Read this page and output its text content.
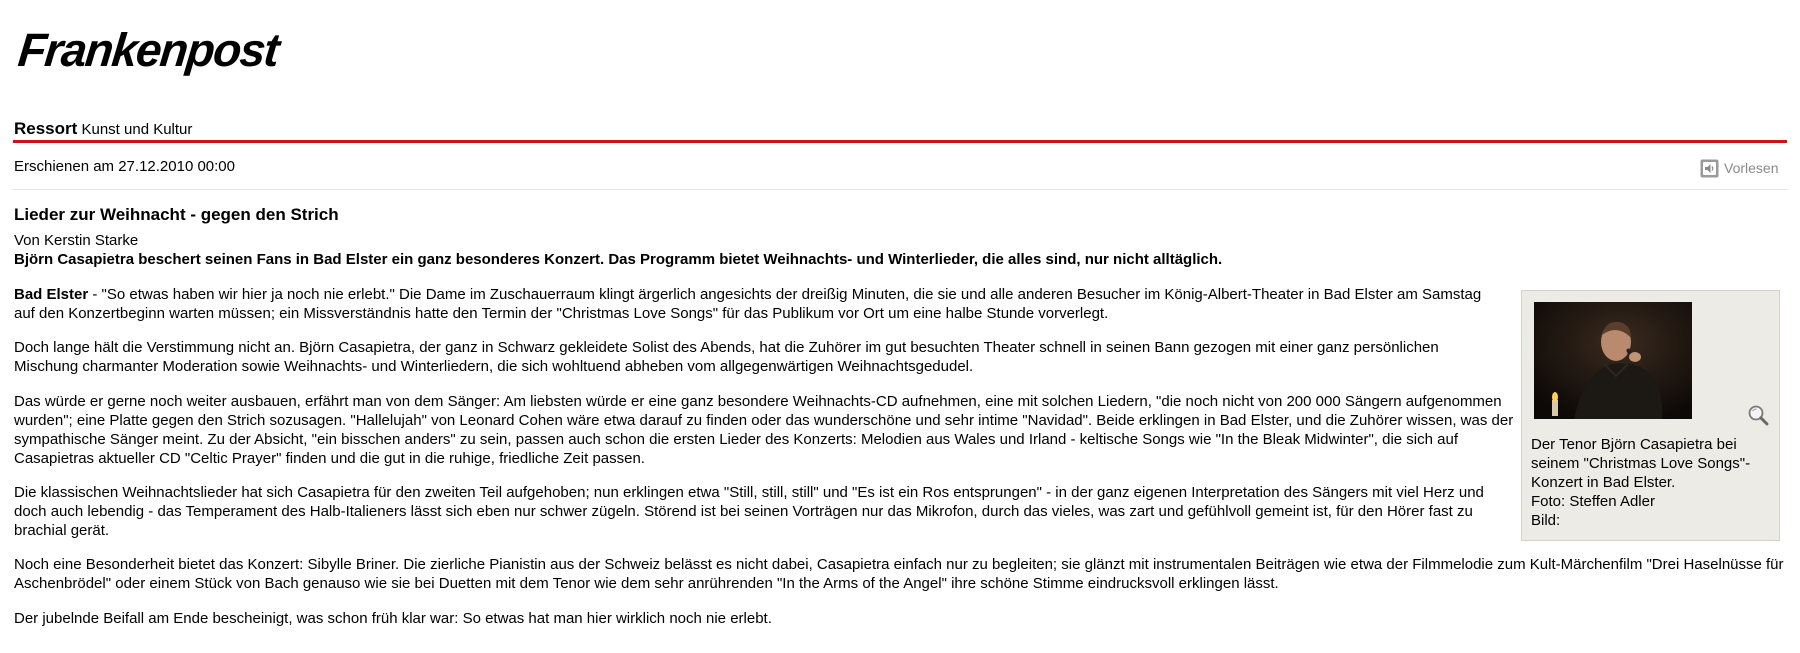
Frankenpost
Ressort Kunst und Kultur
Erschienen am 27.12.2010 00:00	Vorlesen
Lieder zur Weihnacht - gegen den Strich
Von Kerstin Starke
Björn Casapietra beschert seinen Fans in Bad Elster ein ganz besonderes Konzert. Das Programm bietet Weihnachts- und Winterlieder, die alles sind, nur nicht alltäglich.

Bad Elster - "So etwas haben wir hier ja noch nie erlebt." Die Dame im Zuschauerraum klingt ärgerlich angesichts der dreißig Minuten, die sie und alle anderen Besucher im König-Albert-Theater in Bad Elster am Samstag auf den Konzertbeginn warten müssen; ein Missverständnis hatte den Termin der "Christmas Love Songs" für das Publikum vor Ort um eine halbe Stunde vorverlegt.

Doch lange hält die Verstimmung nicht an. Björn Casapietra, der ganz in Schwarz gekleidete Solist des Abends, hat die Zuhörer im gut besuchten Theater schnell in seinen Bann gezogen mit einer ganz persönlichen Mischung charmanter Moderation sowie Weihnachts- und Winterliedern, die sich wohltuend abheben vom allgegenwärtigen Weihnachtsgedudel.

Das würde er gerne noch weiter ausbauen, erfährt man von dem Sänger: Am liebsten würde er eine ganz besondere Weihnachts-CD aufnehmen, eine mit solchen Liedern, "die noch nicht von 200 000 Sängern aufgenommen wurden"; eine Platte gegen den Strich sozusagen. "Hallelujah" von Leonard Cohen wäre etwa darauf zu finden oder das wunderschöne und sehr intime "Navidad". Beide erklingen in Bad Elster, und die Zuhörer wissen, was der sympathische Sänger meint. Zu der Absicht, "ein bisschen anders" zu sein, passen auch schon die ersten Lieder des Konzerts: Melodien aus Wales und Irland - keltische Songs wie "In the Bleak Midwinter", die sich auf Casapietras aktueller CD "Celtic Prayer" finden und die gut in die ruhige, friedliche Zeit passen.

Die klassischen Weihnachtslieder hat sich Casapietra für den zweiten Teil aufgehoben; nun erklingen etwa "Still, still, still" und "Es ist ein Ros entsprungen" - in der ganz eigenen Interpretation des Sängers mit viel Herz und doch auch lebendig - das Temperament des Halb-Italieners lässt sich eben nur schwer zügeln. Störend ist bei seinen Vorträgen nur das Mikrofon, durch das vieles, was zart und gefühlvoll gemeint ist, für den Hörer fast zu brachial gerät.

Noch eine Besonderheit bietet das Konzert: Sibylle Briner. Die zierliche Pianistin aus der Schweiz belässt es nicht dabei, Casapietra einfach nur zu begleiten; sie glänzt mit instrumentalen Beiträgen wie etwa der Filmmelodie zum Kult-Märchenfilm "Drei Haselnüsse für Aschenbrödel" oder einem Stück von Bach genauso wie sie bei Duetten mit dem Tenor wie dem sehr anrührenden "In the Arms of the Angel" ihre schöne Stimme eindrucksvoll erklingen lässt.

Der jubelnde Beifall am Ende bescheinigt, was schon früh klar war: So etwas hat man hier wirklich noch nie erlebt.

Der Tenor Björn Casapietra bei seinem "Christmas Love Songs"-Konzert in Bad Elster.
Foto: Steffen Adler
Bild:
